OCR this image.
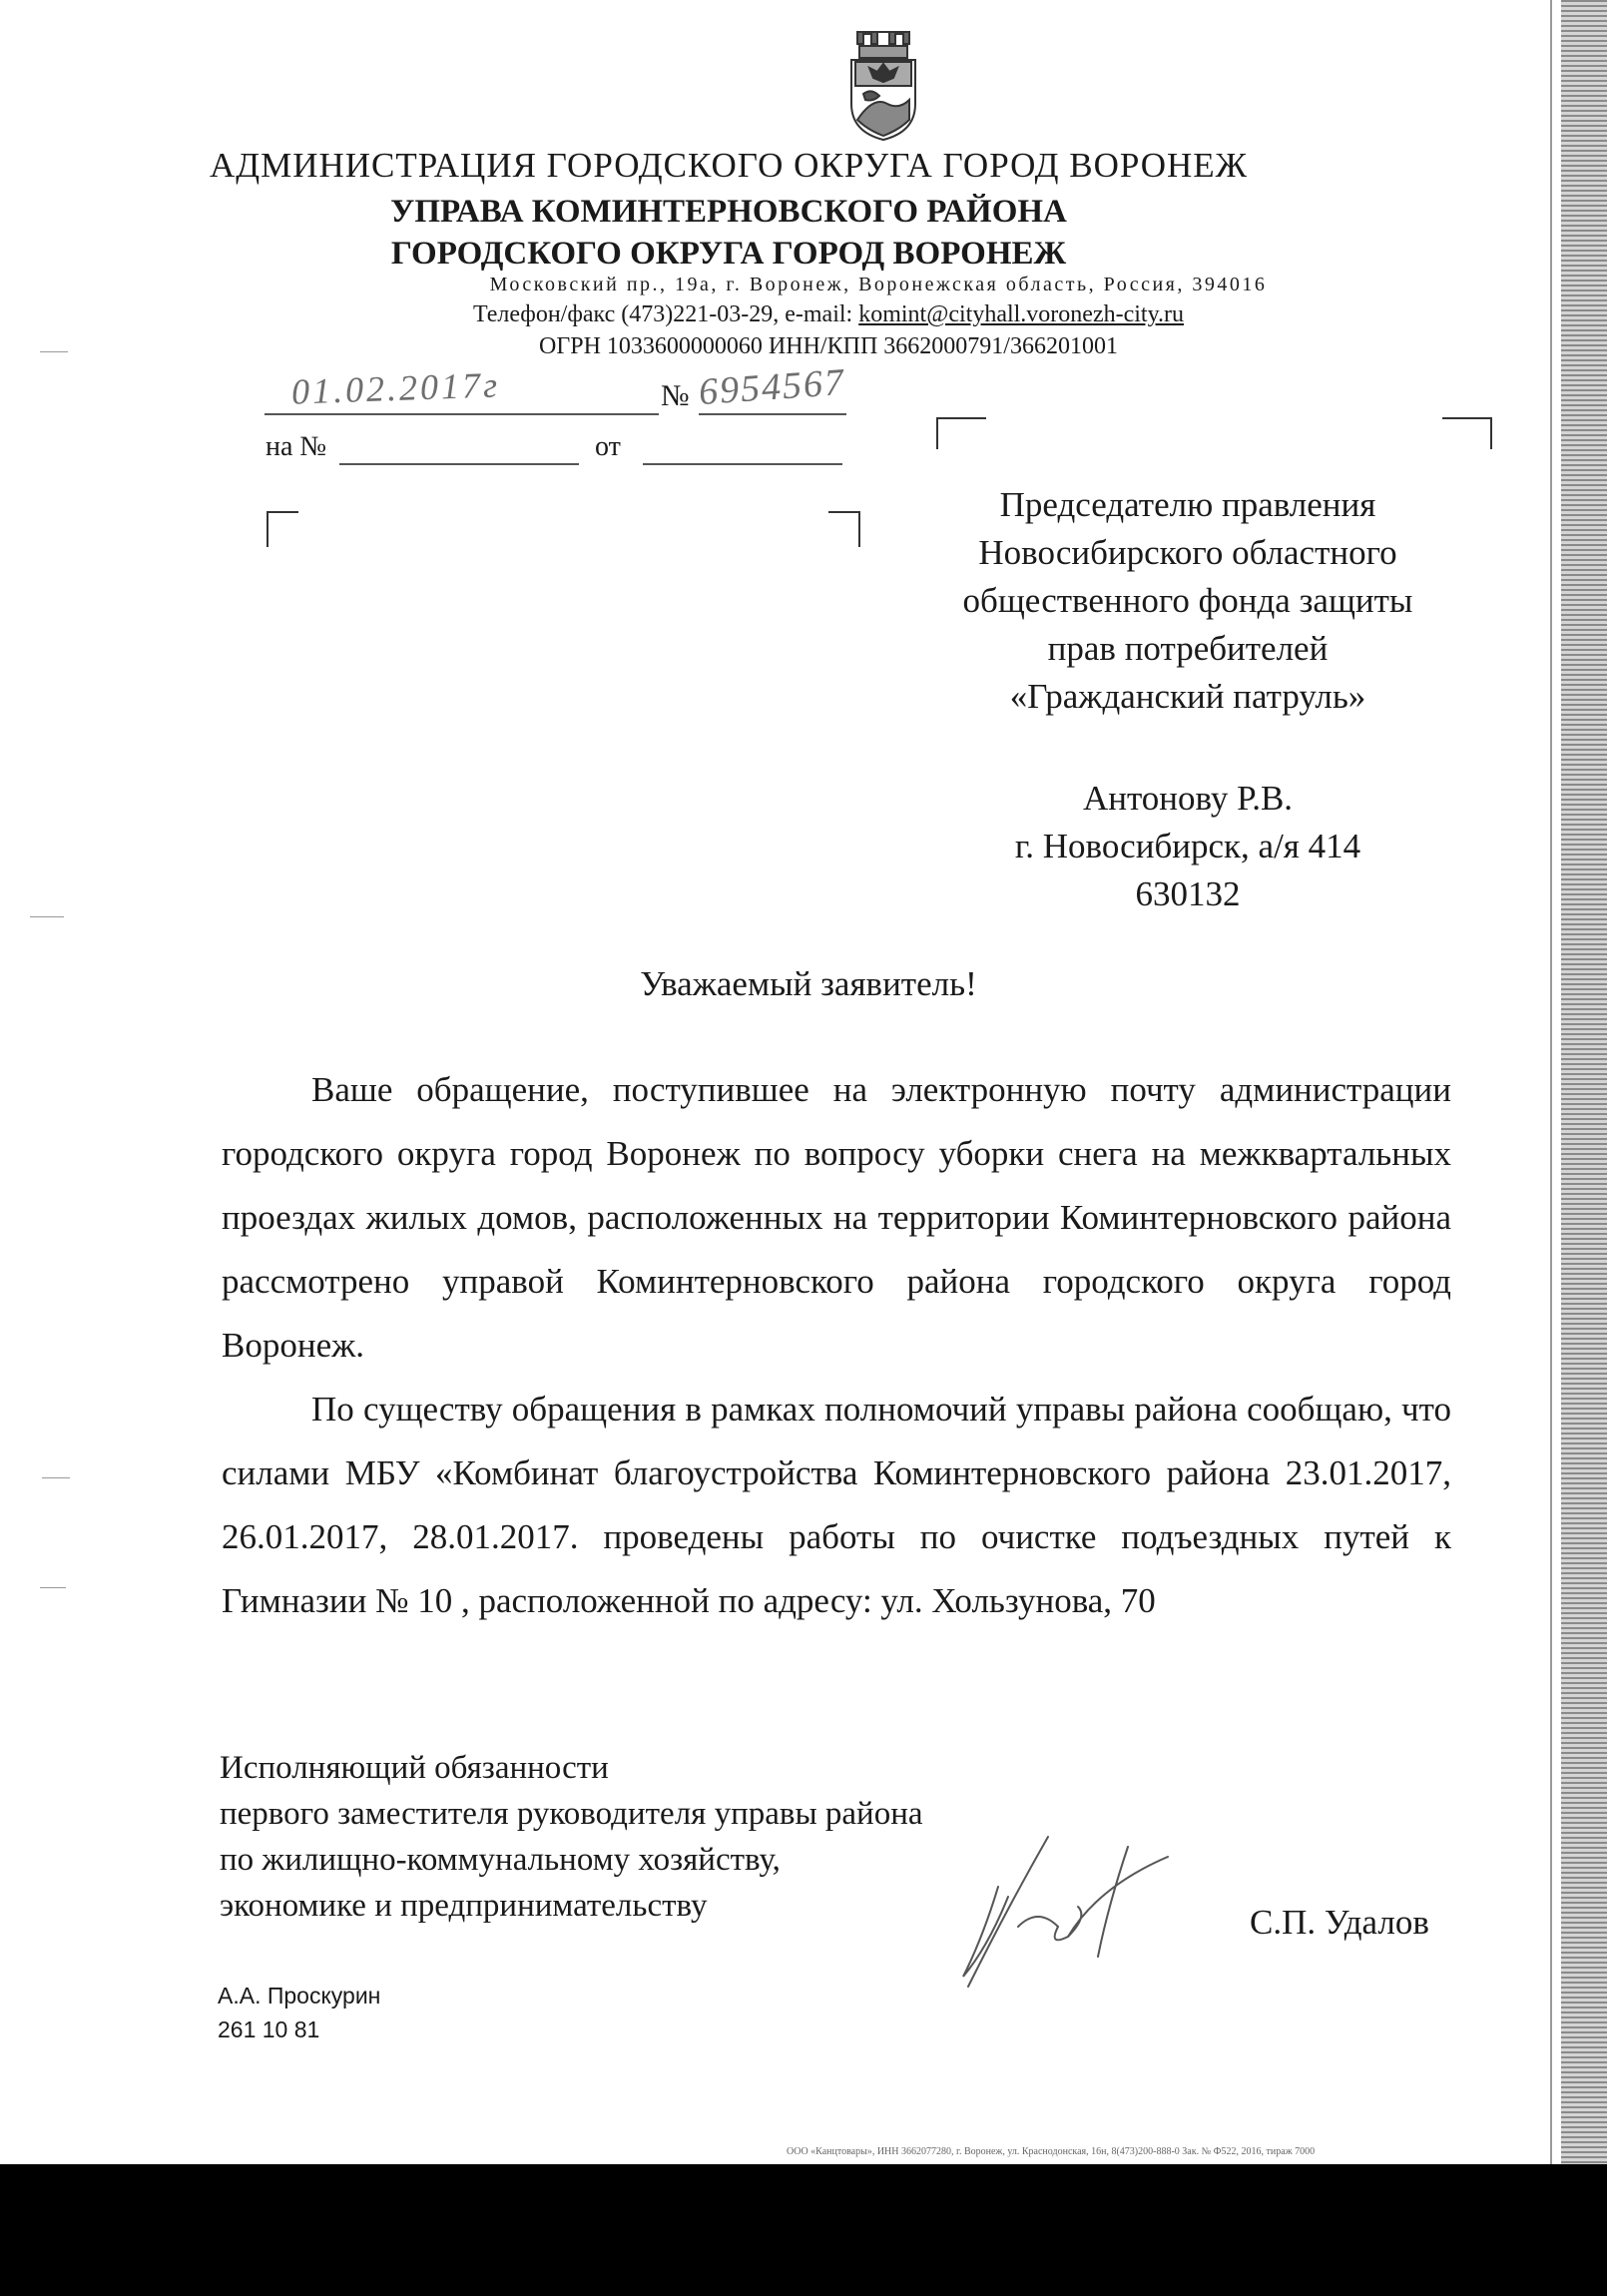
АДМИНИСТРАЦИЯ ГОРОДСКОГО ОКРУГА ГОРОД ВОРОНЕЖ
УПРАВА КОМИНТЕРНОВСКОГО РАЙОНА
ГОРОДСКОГО ОКРУГА ГОРОД ВОРОНЕЖ
Московский пр., 19а, г. Воронеж, Воронежская область, Россия, 394016
Телефон/факс (473)221-03-29, e-mail: komint@cityhall.voronezh-city.ru
ОГРН 1033600000060 ИНН/КПП 3662000791/366201001
01.02.2017г	№ 6954567
на №	от
Председателю правления
Новосибирского областного
общественного фонда защиты
прав потребителей
«Гражданский патруль»
Антонову Р.В.
г. Новосибирск, а/я 414
630132
Уважаемый заявитель!

Ваше обращение, поступившее на электронную почту администрации городского округа город Воронеж по вопросу уборки снега на межквартальных проездах жилых домов, расположенных на территории Коминтерновского района рассмотрено управой Коминтерновского района городского округа город Воронеж.

По существу обращения в рамках полномочий управы района сообщаю, что силами МБУ «Комбинат благоустройства Коминтерновского района 23.01.2017, 26.01.2017, 28.01.2017. проведены работы по очистке подъездных путей к Гимназии № 10 , расположенной по адресу: ул. Хользунова, 70

Исполняющий обязанности
первого заместителя руководителя управы района
по жилищно-коммунальному хозяйству,
экономике и предпринимательству	С.П. Удалов
А.А. Проскурин
261 10 81
ООО «Канцтовары», ИНН 3662077280, г. Воронеж, ул. Краснодонская, 16н, 8(473)200-888-0 Зак. № Ф522, 2016, тираж 7000
